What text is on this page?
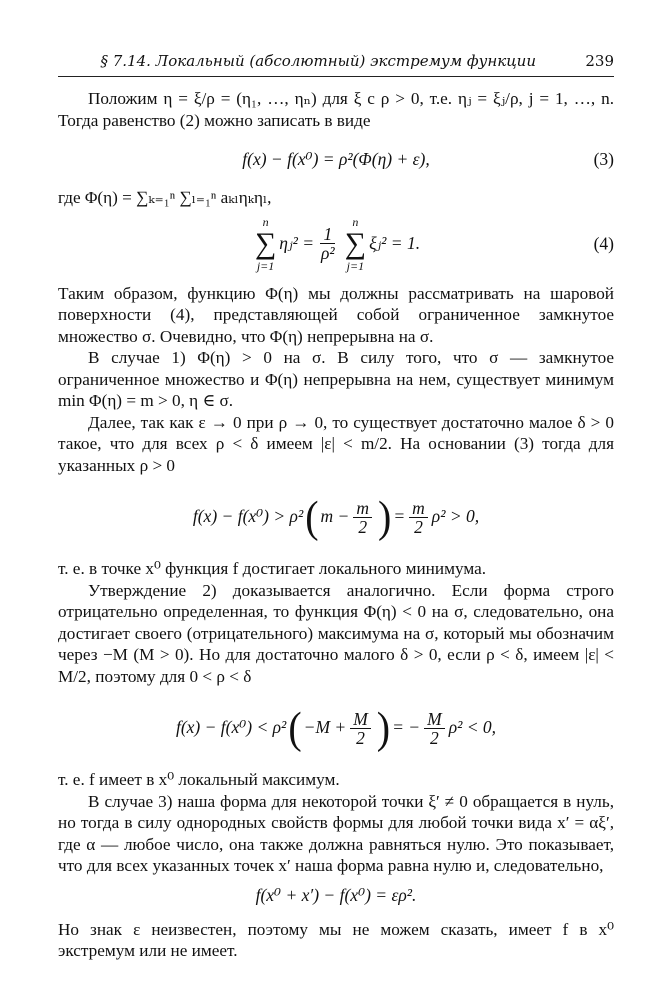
§ 7.14. Локальный (абсолютный) экстремум функции	239

Положим η = ξ/ρ = (η₁, …, ηₙ) для ξ с ρ > 0, т.е. ηⱼ = ξⱼ/ρ, j = 1, …, n. Тогда равенство (2) можно записать в виде

f(x) − f(x⁰) = ρ²(Φ(η) + ε),	(3)

где Φ(η) = ∑ₖ₌₁ⁿ ∑ₗ₌₁ⁿ aₖₗηₖηₗ,

n
∑
j=1
ηⱼ² = $\frac{1}{\text{ρ²}}$
n
∑
j=1
ξⱼ² = 1.	(4)

Таким образом, функцию Φ(η) мы должны рассматривать на шаровой поверхности (4), представляющей собой ограниченное замкнутое множество σ. Очевидно, что Φ(η) непрерывна на σ.

В случае 1) Φ(η) > 0 на σ. В силу того, что σ — замкнутое ограниченное множество и Φ(η) непрерывна на нем, существует минимум min Φ(η) = m > 0, η ∈ σ.

Далее, так как ε → 0 при ρ → 0, то существует достаточно малое δ > 0 такое, что для всех ρ < δ имеем |ε| < m/2. На основании (3) тогда для указанных ρ > 0

f(x) − f(x⁰) > ρ² ( $m - \frac{m}{2}$ ) = $\frac{m}{2} \rho^2 > 0$,

т. е. в точке x⁰ функция f достигает локального минимума.

Утверждение 2) доказывается аналогично. Если форма строго отрицательно определенная, то функция Φ(η) < 0 на σ, следовательно, она достигает своего (отрицательного) максимума на σ, который мы обозначим через −M (M > 0). Но для достаточно малого δ > 0, если ρ < δ, имеем |ε| < M/2, поэтому для 0 < ρ < δ

f(x) − f(x⁰) < ρ² ( $-M + \frac{M}{2}$ ) = − $\frac{M}{2} \rho^2 < 0$,

т. е. f имеет в x⁰ локальный максимум.

В случае 3) наша форма для некоторой точки ξ′ ≠ 0 обращается в нуль, но тогда в силу однородных свойств формы для любой точки вида x′ = αξ′, где α — любое число, она также должна равняться нулю. Это показывает, что для всех указанных точек x′ наша форма равна нулю и, следовательно,

f(x⁰ + x′) − f(x⁰) = ερ².

Но знак ε неизвестен, поэтому мы не можем сказать, имеет f в x⁰ экстремум или не имеет.
